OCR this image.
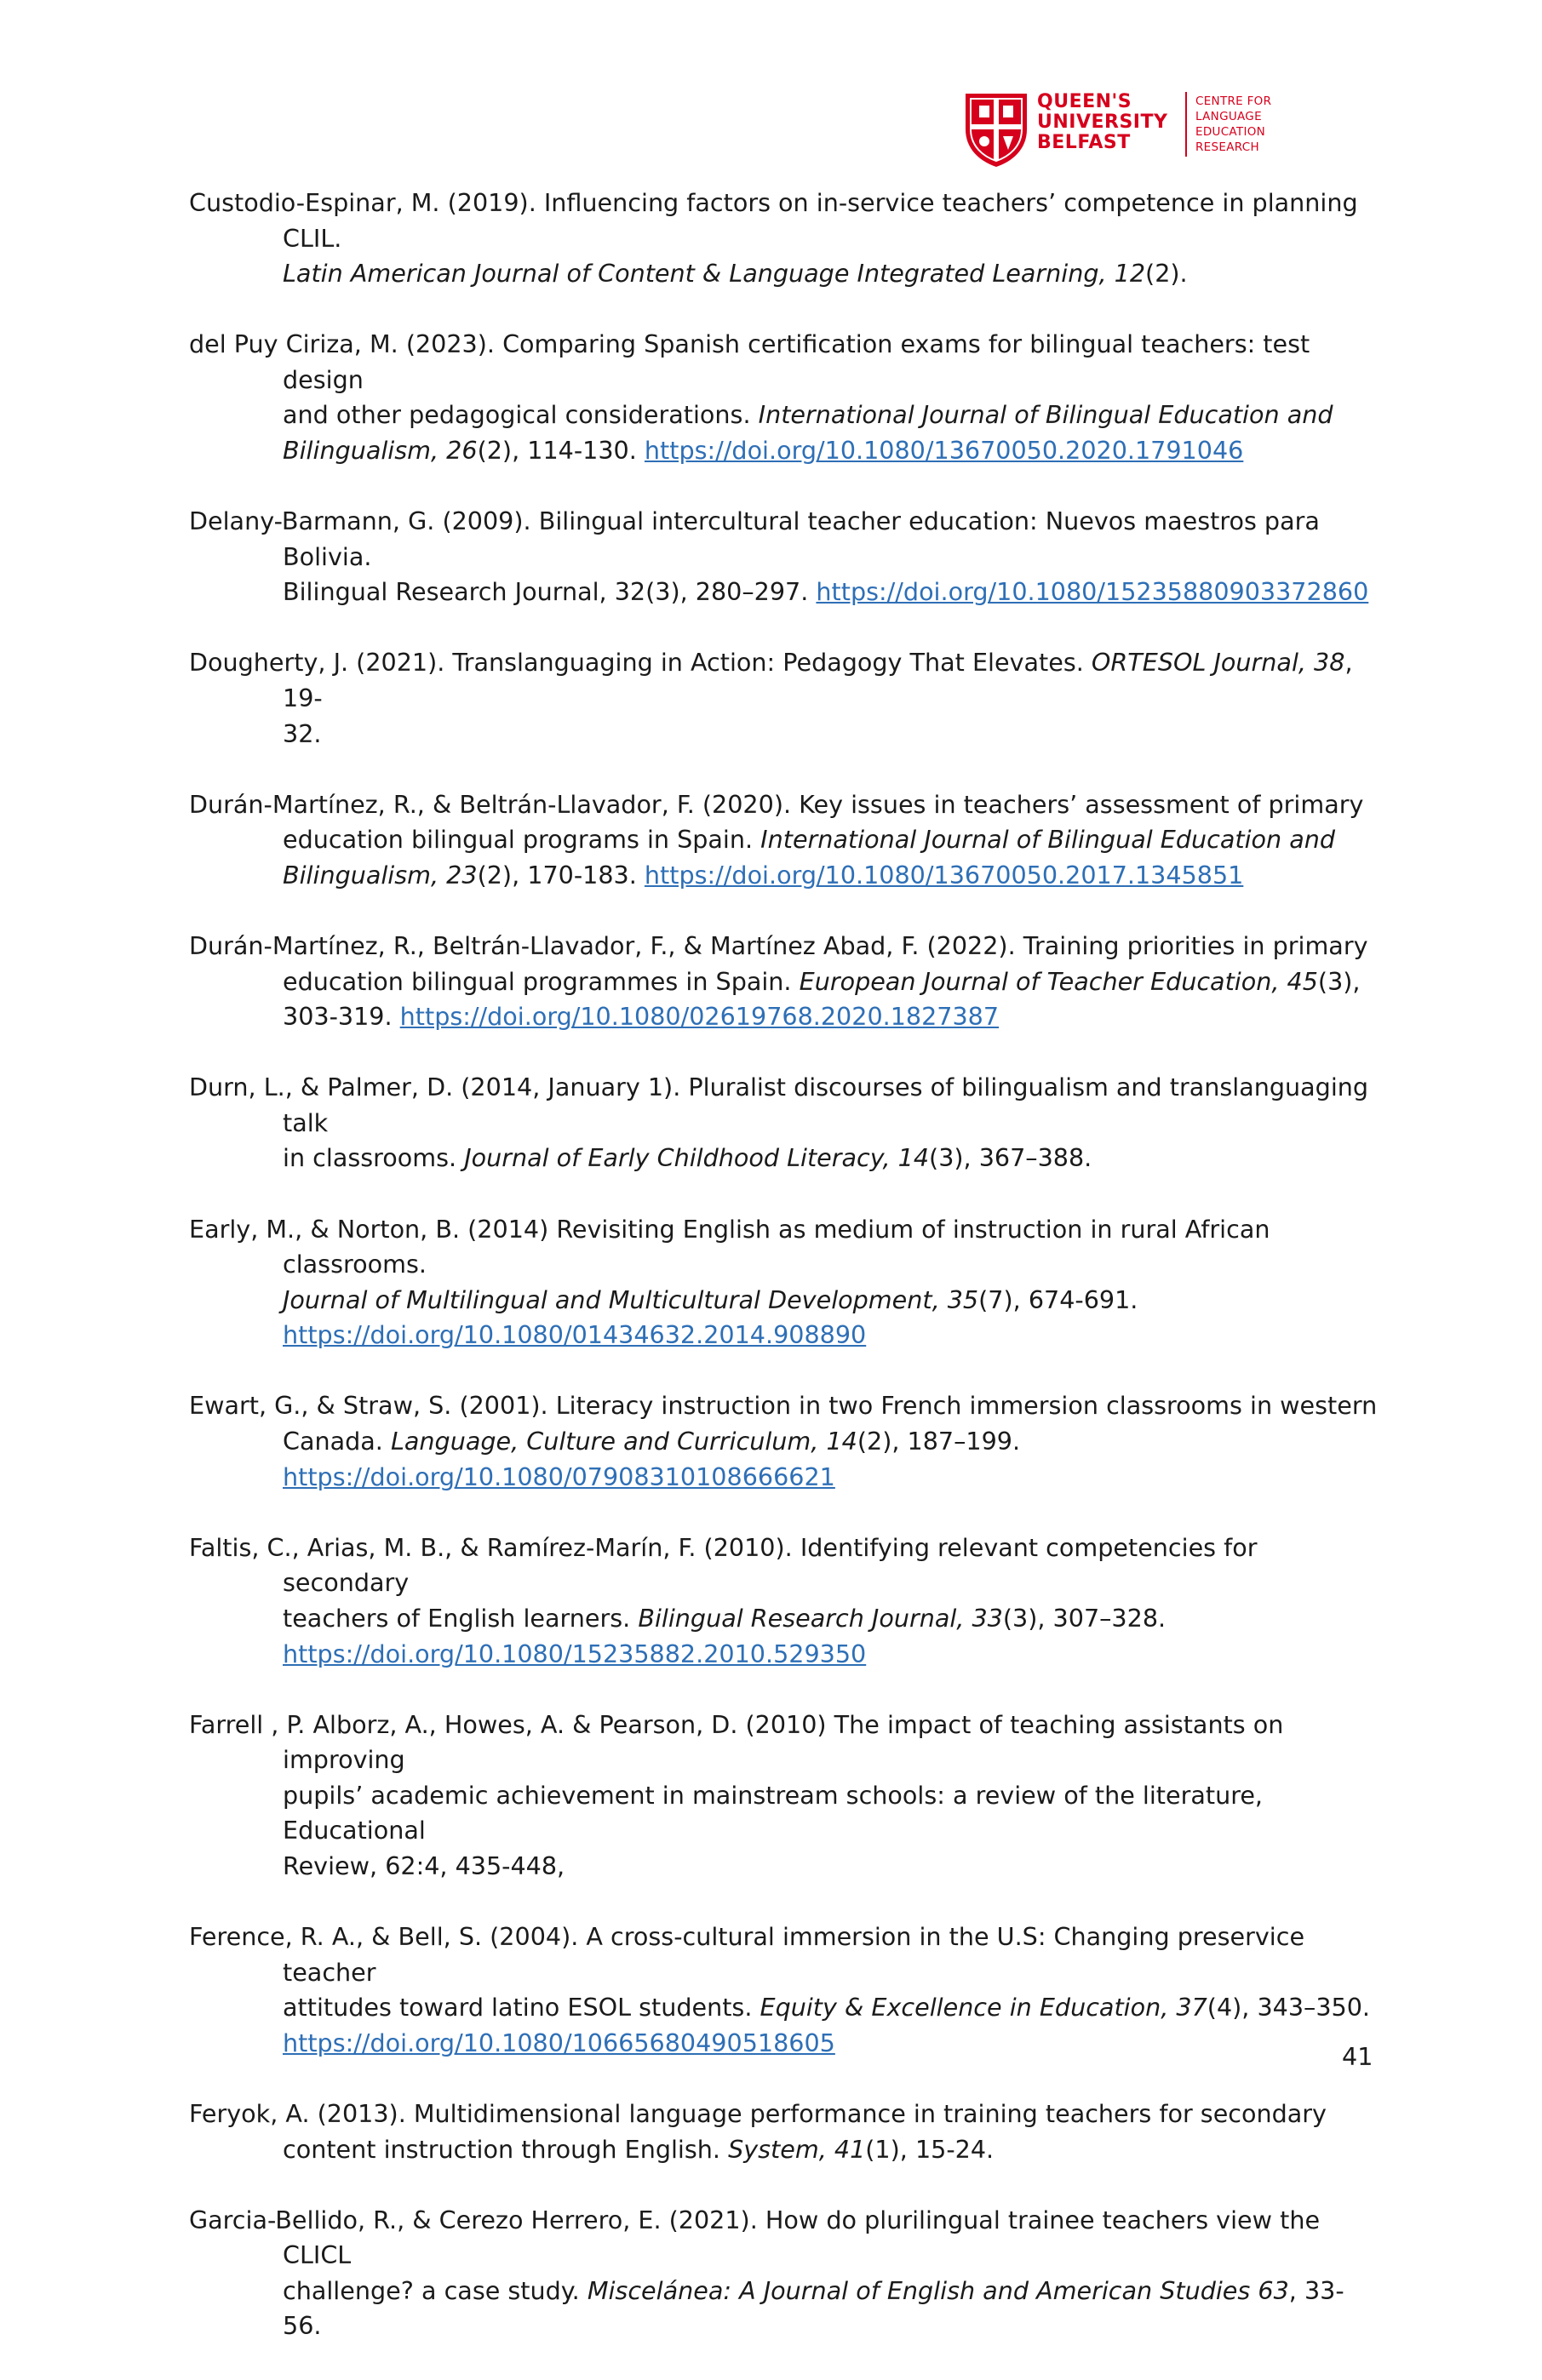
QUEEN'S
UNIVERSITY
BELFAST
CENTRE FOR
LANGUAGE
EDUCATION
RESEARCH

Custodio-Espinar, M. (2019). Influencing factors on in-service teachers’ competence in planning CLIL.
Latin American Journal of Content & Language Integrated Learning, 12(2).

del Puy Ciriza, M. (2023). Comparing Spanish certification exams for bilingual teachers: test design
and other pedagogical considerations. International Journal of Bilingual Education and
Bilingualism, 26(2), 114-130. https://doi.org/10.1080/13670050.2020.1791046

Delany-Barmann, G. (2009). Bilingual intercultural teacher education: Nuevos maestros para Bolivia.
Bilingual Research Journal, 32(3), 280–297. https://doi.org/10.1080/15235880903372860

Dougherty, J. (2021). Translanguaging in Action: Pedagogy That Elevates. ORTESOL Journal, 38, 19-
32.

Durán-Martínez, R., & Beltrán-Llavador, F. (2020). Key issues in teachers’ assessment of primary
education bilingual programs in Spain. International Journal of Bilingual Education and
Bilingualism, 23(2), 170-183. https://doi.org/10.1080/13670050.2017.1345851

Durán-Martínez, R., Beltrán-Llavador, F., & Martínez Abad, F. (2022). Training priorities in primary
education bilingual programmes in Spain. European Journal of Teacher Education, 45(3),
303-319. https://doi.org/10.1080/02619768.2020.1827387

Durn, L., & Palmer, D. (2014, January 1). Pluralist discourses of bilingualism and translanguaging talk
in classrooms. Journal of Early Childhood Literacy, 14(3), 367–388.

Early, M., & Norton, B. (2014) Revisiting English as medium of instruction in rural African classrooms.
Journal of Multilingual and Multicultural Development, 35(7), 674-691.
https://doi.org/10.1080/01434632.2014.908890

Ewart, G., & Straw, S. (2001). Literacy instruction in two French immersion classrooms in western
Canada. Language, Culture and Curriculum, 14(2), 187–199.
https://doi.org/10.1080/07908310108666621

Faltis, C., Arias, M. B., & Ramírez-Marín, F. (2010). Identifying relevant competencies for secondary
teachers of English learners. Bilingual Research Journal, 33(3), 307–328.
https://doi.org/10.1080/15235882.2010.529350

Farrell , P. Alborz, A., Howes, A. & Pearson, D. (2010) The impact of teaching assistants on improving
pupils’ academic achievement in mainstream schools: a review of the literature, Educational
Review, 62:4, 435-448,

Ference, R. A., & Bell, S. (2004). A cross-cultural immersion in the U.S: Changing preservice teacher
attitudes toward latino ESOL students. Equity & Excellence in Education, 37(4), 343–350.
https://doi.org/10.1080/10665680490518605

Feryok, A. (2013). Multidimensional language performance in training teachers for secondary
content instruction through English. System, 41(1), 15-24.

Garcia-Bellido, R., & Cerezo Herrero, E. (2021). How do plurilingual trainee teachers view the CLICL
challenge? a case study. Misceláneа: A Journal of English and American Studies 63, 33-56.

41
